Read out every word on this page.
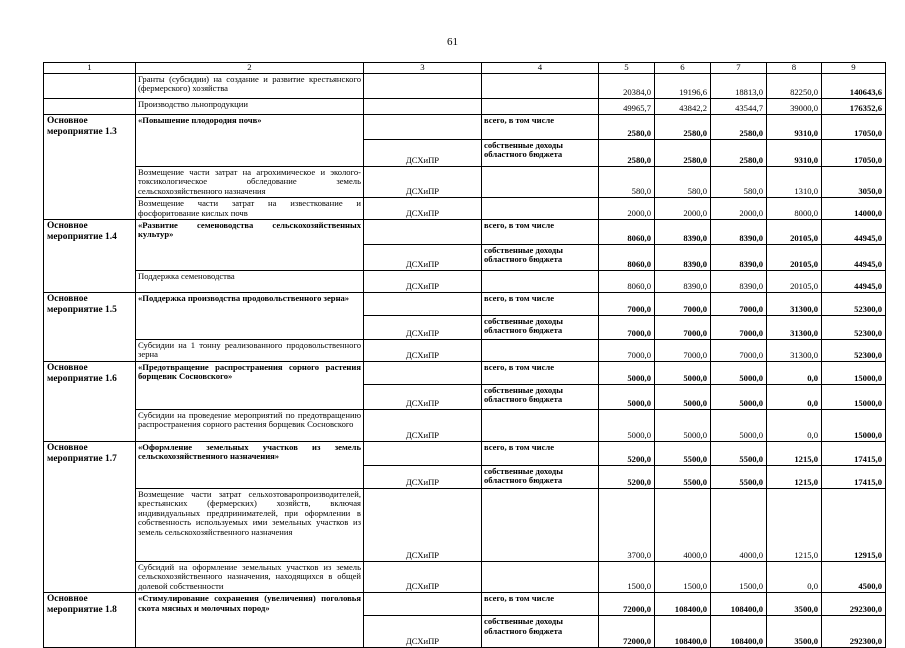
61
1	2	3	4	5	6	7	8	9
	Гранты (субсидии) на создание и развитие крестьянского (фермерского) хозяйства			20384,0	19196,6	18813,0	82250,0	140643,6
	Производство льнопродукции			49965,7	43842,2	43544,7	39000,0	176352,6
Основное мероприятие 1.3	«Повышение плодородия почв»		всего, в том числе	2580,0	2580,0	2580,0	9310,0	17050,0
		ДСХиПР	собственные доходы областного бюджета	2580,0	2580,0	2580,0	9310,0	17050,0
	Возмещение части затрат на агрохимическое и эколого-токсикологическое обследование земель сельскохозяйственного назначения	ДСХиПР		580,0	580,0	580,0	1310,0	3050,0
	Возмещение части затрат на известкование и фосфоритование кислых почв	ДСХиПР		2000,0	2000,0	2000,0	8000,0	14000,0
Основное мероприятие 1.4	«Развитие семеноводства сельскохозяйственных культур»		всего, в том числе	8060,0	8390,0	8390,0	20105,0	44945,0
		ДСХиПР	собственные доходы областного бюджета	8060,0	8390,0	8390,0	20105,0	44945,0
	Поддержка семеноводства	ДСХиПР		8060,0	8390,0	8390,0	20105,0	44945,0
Основное мероприятие 1.5	«Поддержка производства продовольственного зерна»		всего, в том числе	7000,0	7000,0	7000,0	31300,0	52300,0
		ДСХиПР	собственные доходы областного бюджета	7000,0	7000,0	7000,0	31300,0	52300,0
	Субсидии на 1 тонну реализованного продовольственного зерна	ДСХиПР		7000,0	7000,0	7000,0	31300,0	52300,0
Основное мероприятие 1.6	«Предотвращение распространения сорного растения борщевик Сосновского»		всего, в том числе	5000,0	5000,0	5000,0	0,0	15000,0
		ДСХиПР	собственные доходы областного бюджета	5000,0	5000,0	5000,0	0,0	15000,0
	Субсидии на проведение мероприятий по предотвращению распространения сорного растения борщевик Сосновского	ДСХиПР		5000,0	5000,0	5000,0	0,0	15000,0
Основное мероприятие 1.7	«Оформление земельных участков из земель сельскохозяйственного назначения»		всего, в том числе	5200,0	5500,0	5500,0	1215,0	17415,0
		ДСХиПР	собственные доходы областного бюджета	5200,0	5500,0	5500,0	1215,0	17415,0
	Возмещение части затрат сельхозтоваропроизводителей, крестьянских (фермерских) хозяйств, включая индивидуальных предпринимателей, при оформлении в собственность используемых ими земельных участков из земель сельскохозяйственного назначения	ДСХиПР		3700,0	4000,0	4000,0	1215,0	12915,0
	Субсидий на оформление земельных участков из земель сельскохозяйственного назначения, находящихся в общей долевой собственности	ДСХиПР		1500,0	1500,0	1500,0	0,0	4500,0
Основное мероприятие 1.8	«Стимулирование сохранения (увеличения) поголовья скота мясных и молочных пород»		всего, в том числе	72000,0	108400,0	108400,0	3500,0	292300,0
		ДСХиПР	собственные доходы областного бюджета	72000,0	108400,0	108400,0	3500,0	292300,0
